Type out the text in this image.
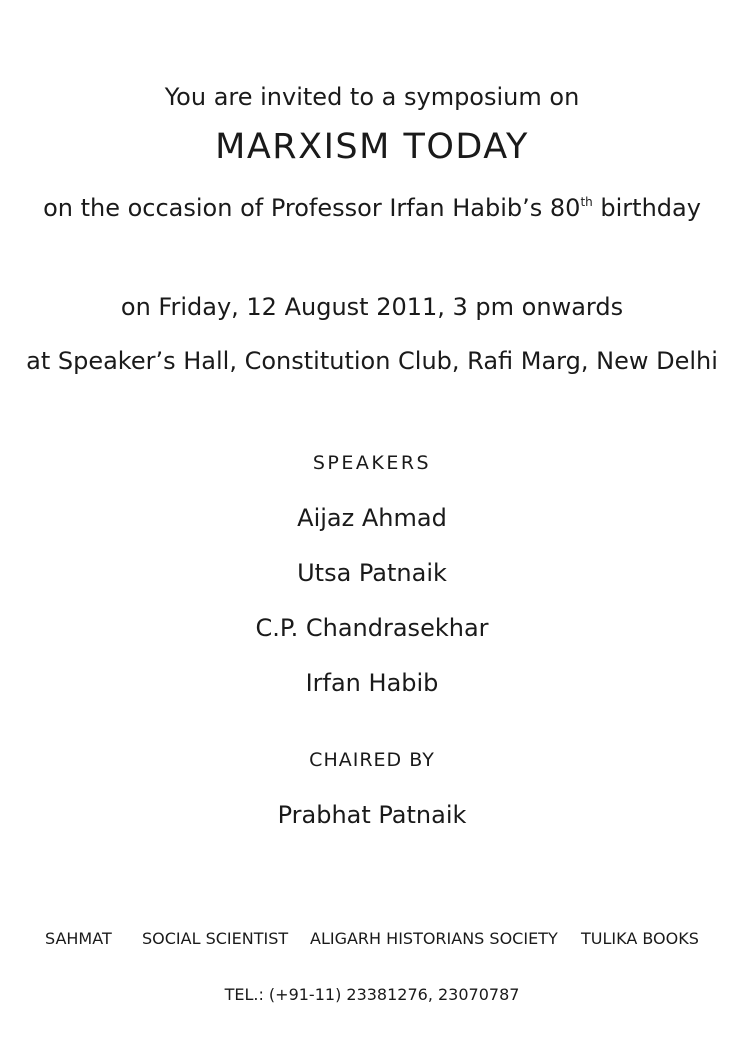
You are invited to a symposium on
MARXISM TODAY
on the occasion of Professor Irfan Habib’s 80th birthday
on Friday, 12 August 2011, 3 pm onwards
at Speaker’s Hall, Constitution Club, Rafi Marg, New Delhi
SPEAKERS
Aijaz Ahmad
Utsa Patnaik
C.P. Chandrasekhar
Irfan Habib
CHAIRED BY
Prabhat Patnaik
SAHMAT SOCIAL SCIENTIST ALIGARH HISTORIANS SOCIETY TULIKA BOOKS
TEL.: (+91-11) 23381276, 23070787
